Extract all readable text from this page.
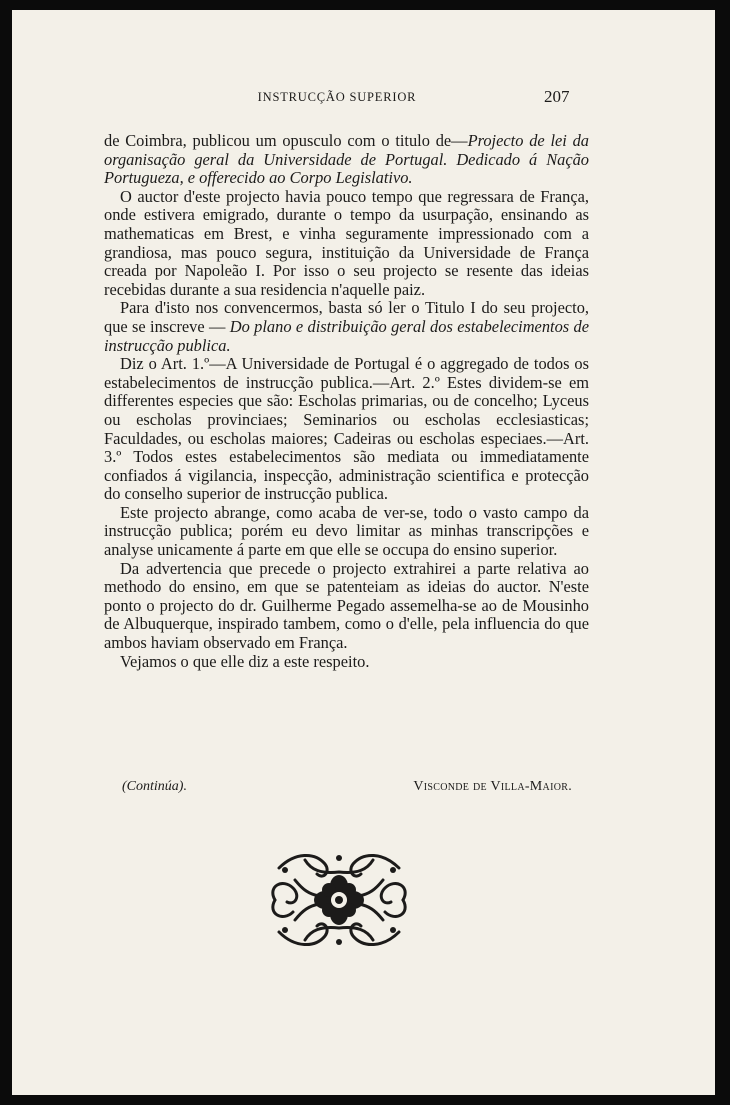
INSTRUCÇÃO SUPERIOR	207

de Coimbra, publicou um opusculo com o titulo de—Projecto de lei da organisação geral da Universidade de Portugal. Dedicado á Nação Portugueza, e offerecido ao Corpo Legislativo.

O auctor d'este projecto havia pouco tempo que regressara de França, onde estivera emigrado, durante o tempo da usurpação, ensinando as mathematicas em Brest, e vinha seguramente impressionado com a grandiosa, mas pouco segura, instituição da Universidade de França creada por Napoleão I. Por isso o seu projecto se resente das ideias recebidas durante a sua residencia n'aquelle paiz.

Para d'isto nos convencermos, basta só ler o Titulo I do seu projecto, que se inscreve — Do plano e distribuição geral dos estabelecimentos de instrucção publica.

Diz o Art. 1.º—A Universidade de Portugal é o aggregado de todos os estabelecimentos de instrucção publica.—Art. 2.º Estes dividem-se em differentes especies que são: Escholas primarias, ou de concelho; Lyceus ou escholas provinciaes; Seminarios ou escholas ecclesiasticas; Faculdades, ou escholas maiores; Cadeiras ou escholas especiaes.—Art. 3.º Todos estes estabelecimentos são mediata ou immediatamente confiados á vigilancia, inspecção, administração scientifica e protecção do conselho superior de instrucção publica.

Este projecto abrange, como acaba de ver-se, todo o vasto campo da instrucção publica; porém eu devo limitar as minhas transcripções e analyse unicamente á parte em que elle se occupa do ensino superior.

Da advertencia que precede o projecto extrahirei a parte relativa ao methodo do ensino, em que se patenteiam as ideias do auctor. N'este ponto o projecto do dr. Guilherme Pegado assemelha-se ao de Mousinho de Albuquerque, inspirado tambem, como o d'elle, pela influencia do que ambos haviam observado em França.

Vejamos o que elle diz a este respeito.

(Continúa).	Visconde de Villa-Maior.
